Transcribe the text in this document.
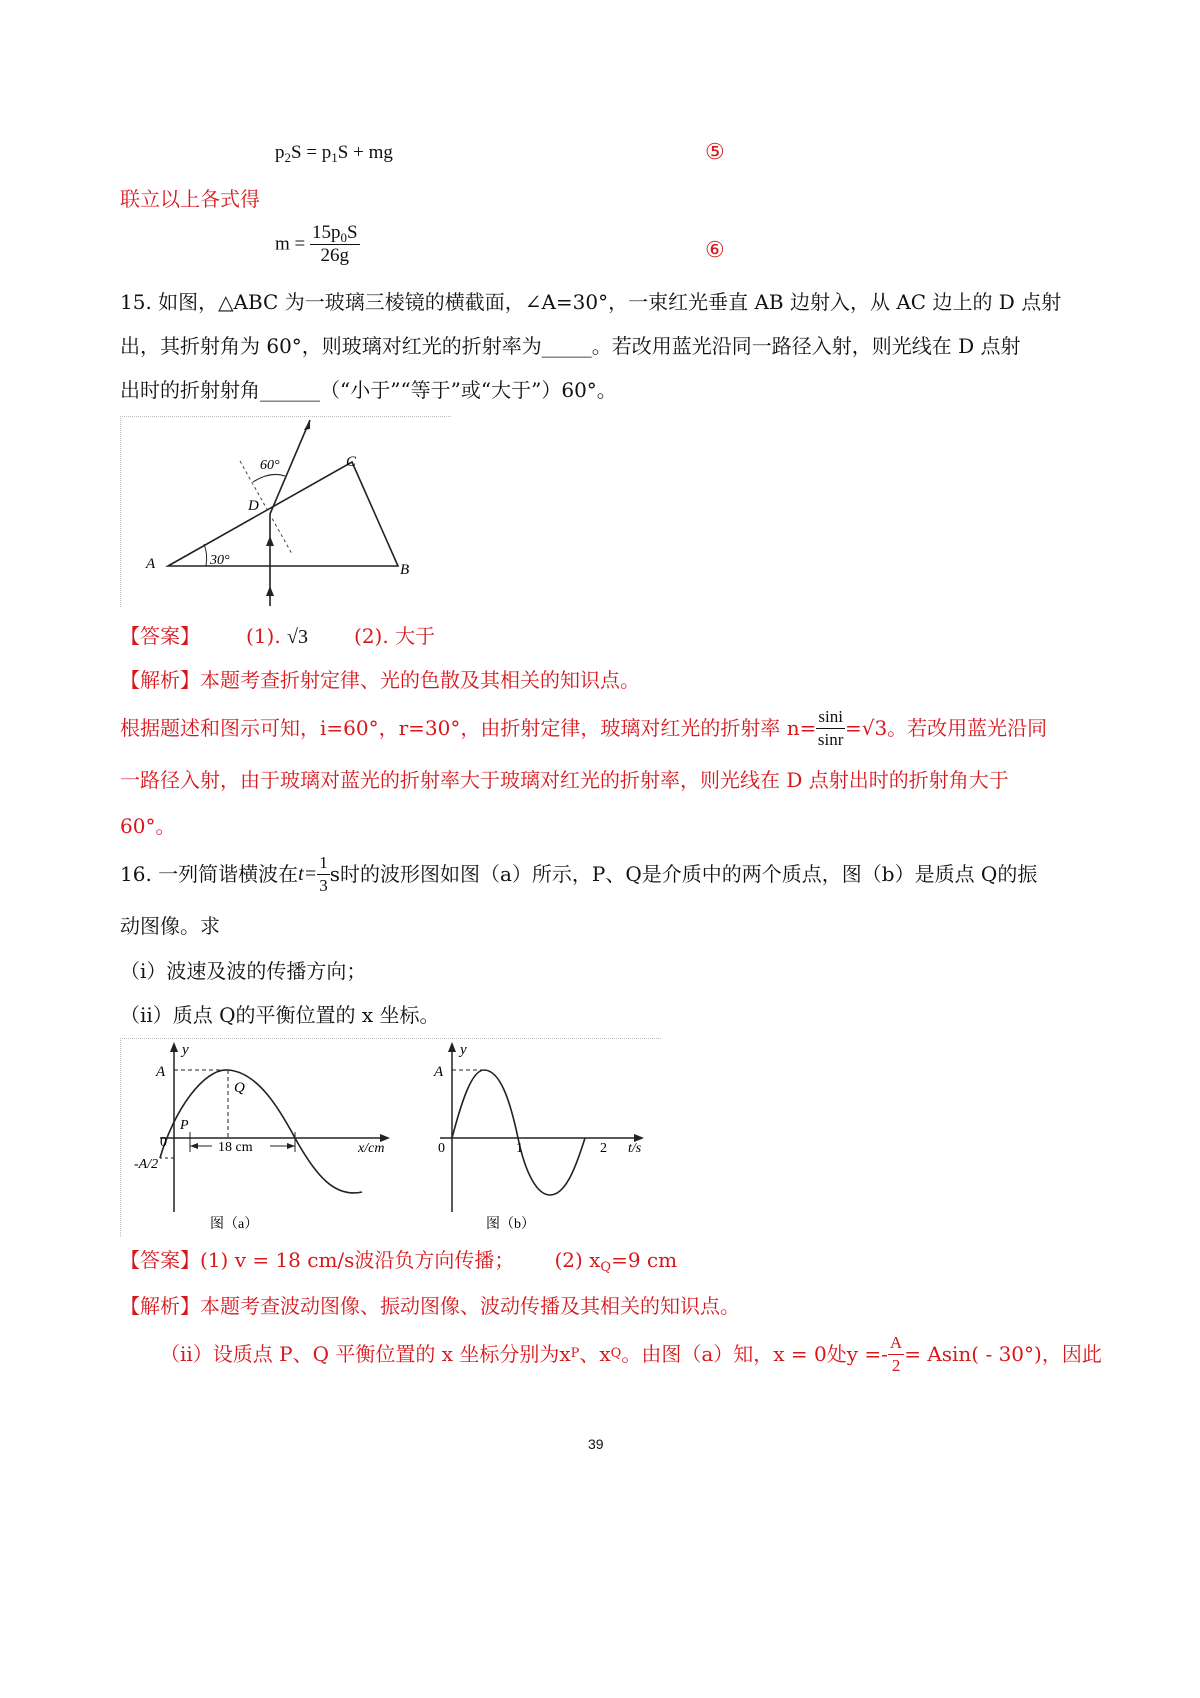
$p_2S = p_1S$ + mg	⑤
联立以上各式得
$m = \frac{15p_0S}{26g}$	⑥
15. 如图，△ABC 为一玻璃三棱镜的横截面，∠A=30°，一束红光垂直 AB 边射入，从 AC 边上的 D 点射
出，其折射角为 60°，则玻璃对红光的折射率为_____。若改用蓝光沿同一路径入射，则光线在 D 点射
出时的折射射角______（“小于”“等于”或“大于”）60°。
60°	C
D
A	30°
B
【答案】 (1). √3 (2). 大于
【解析】本题考查折射定律、光的色散及其相关的知识点。
根据题述和图示可知，i=60°，r=30°，由折射定律，玻璃对红光的折射率 $n= \frac{\sin i}{\sin r} =√3$。若改用蓝光沿同
一路径入射，由于玻璃对蓝光的折射率大于玻璃对红光的折射率，则光线在 D 点射出时的折射角大于
60°。
16. 一列简谐横波在 $t= \frac{1}{3}$ s时的波形图如图（a）所示，P、Q是介质中的两个质点，图（b）是质点 Q的振
动图像。求
（i）波速及波的传播方向；
（ii）质点 Q的平衡位置的 x 坐标。
y
A
Q
P
0
-A/2
18 cm	x/cm
图（a）
y
A
0	1	2 t/s
图（b）
【答案】(1) v = 18 cm/s波沿负方向传播； (2) $x_Q=9$ cm
【解析】本题考查波动图像、振动图像、波动传播及其相关的知识点。
（ii）设质点 P、Q 平衡位置的 x 坐标分别为x P 、x Q 。由图（a）知，x = 0处$y =- \frac{A}{2} = Asin( - 30^\circ)$，因此
39
